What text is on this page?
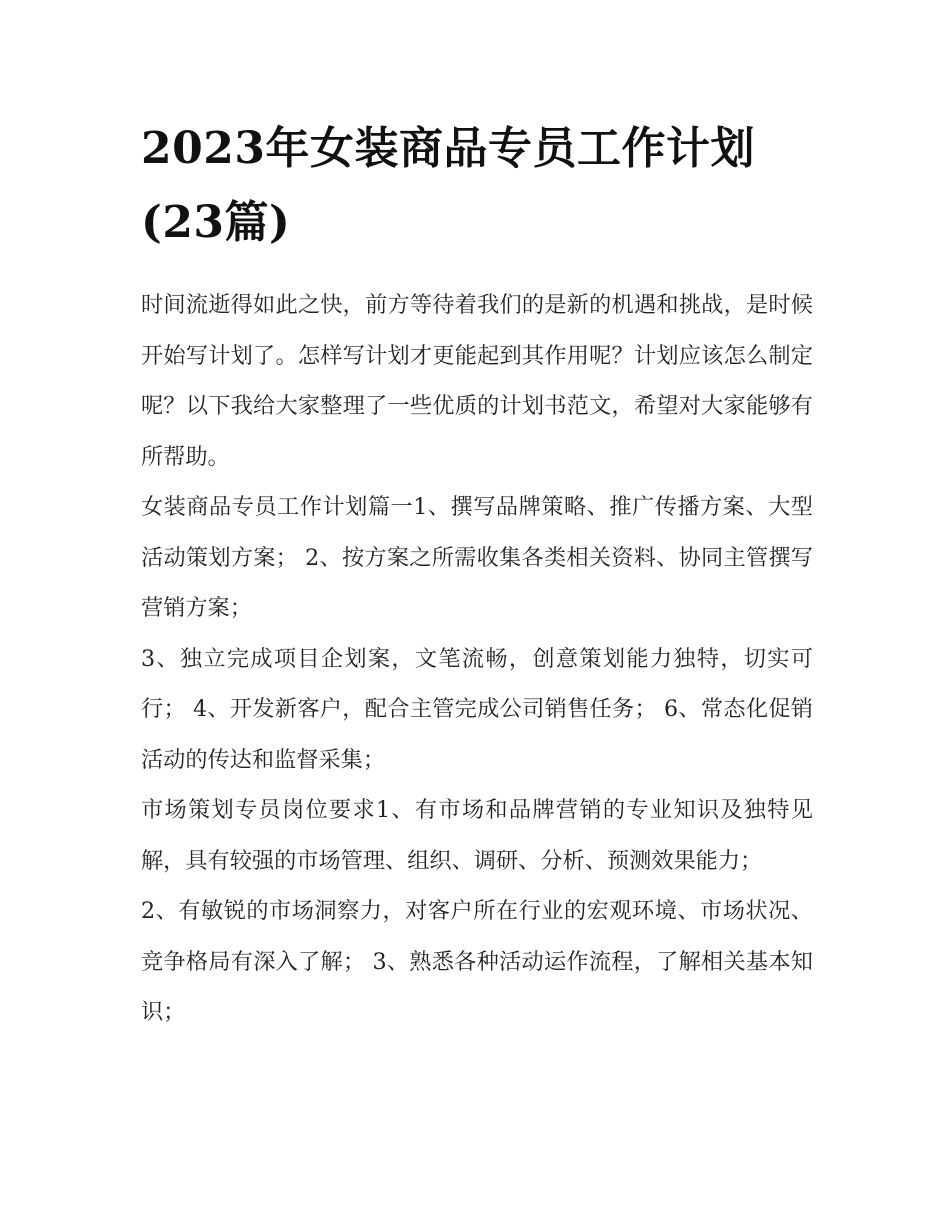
2023年女装商品专员工作计划(23篇)

时间流逝得如此之快，前方等待着我们的是新的机遇和挑战，是时候开始写计划了。怎样写计划才更能起到其作用呢？计划应该怎么制定呢？以下我给大家整理了一些优质的计划书范文，希望对大家能够有所帮助。

女装商品专员工作计划篇一1、撰写品牌策略、推广传播方案、大型活动策划方案； 2、按方案之所需收集各类相关资料、协同主管撰写营销方案；

3、独立完成项目企划案，文笔流畅，创意策划能力独特，切实可行； 4、开发新客户，配合主管完成公司销售任务； 6、常态化促销活动的传达和监督采集；

市场策划专员岗位要求1、有市场和品牌营销的专业知识及独特见解，具有较强的市场管理、组织、调研、分析、预测效果能力；

2、有敏锐的市场洞察力，对客户所在行业的宏观环境、市场状况、竞争格局有深入了解； 3、熟悉各种活动运作流程，了解相关基本知识；
